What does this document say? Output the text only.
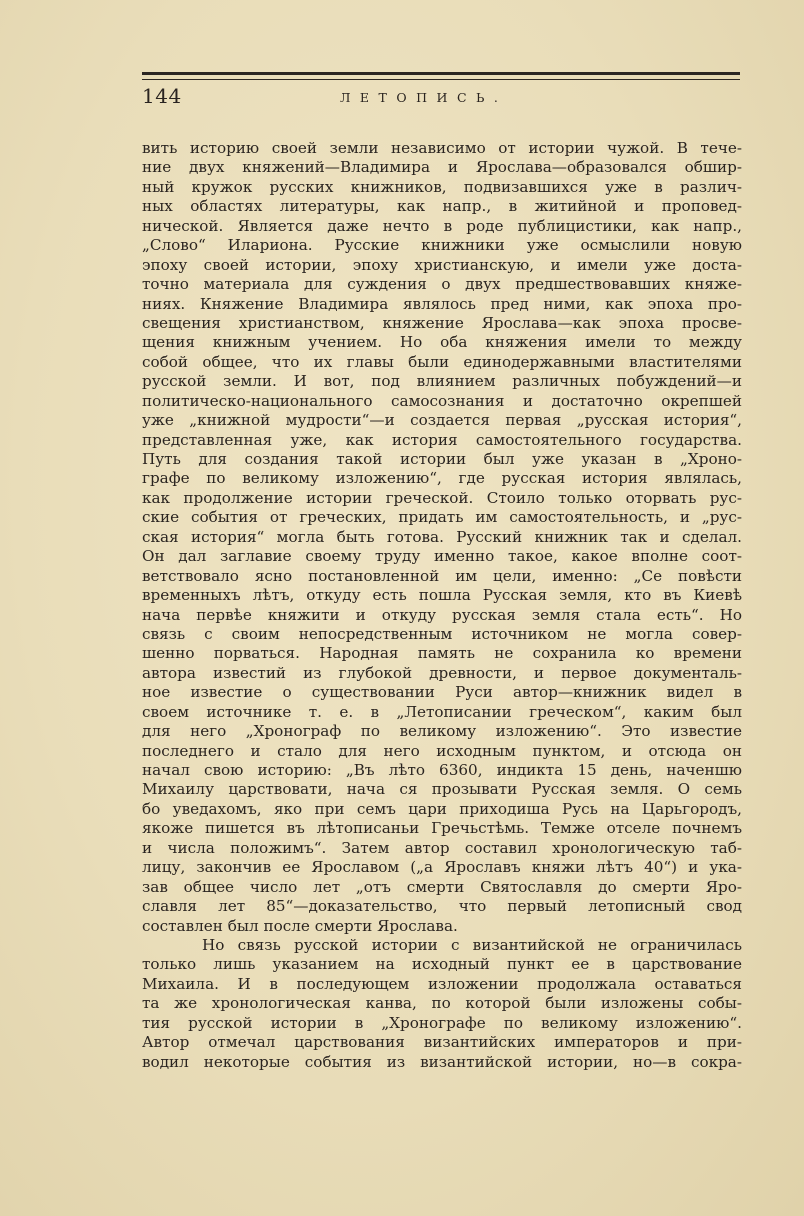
144	ЛЕТОПИСЬ.
вить историю своей земли независимо от истории чужой. В тече-
ние двух княжений—Владимира и Ярослава—образовался обшир-
ный кружок русских книжников, подвизавшихся уже в различ-
ных областях литературы, как напр., в житийной и проповед-
нической. Является даже нечто в роде публицистики, как напр.,
„Слово“ Илариона. Русские книжники уже осмыслили новую
эпоху своей истории, эпоху христианскую, и имели уже доста-
точно материала для суждения о двух предшествовавших княже-
ниях. Княжение Владимира являлось пред ними, как эпоха про-
свещения христианством, княжение Ярослава—как эпоха просве-
щения книжным учением. Но оба княжения имели то между
собой общее, что их главы были единодержавными властителями
русской земли. И вот, под влиянием различных побуждений—и
политическо-национального самосознания и достаточно окрепшей
уже „книжной мудрости“—и создается первая „русская история“,
представленная уже, как история самостоятельного государства.
Путь для создания такой истории был уже указан в „Хроно-
графе по великому изложению“, где русская история являлась,
как продолжение истории греческой. Стоило только оторвать рус-
ские события от греческих, придать им самостоятельность, и „рус-
ская история“ могла быть готова. Русский книжник так и сделал.
Он дал заглавие своему труду именно такое, какое вполне соот-
ветствовало ясно постановленной им цели, именно: „Се повѣсти
временныхъ лѣтъ, откуду есть пошла Русская земля, кто въ Киевѣ
нача первѣе княжити и откуду русская земля стала есть“. Но
связь с своим непосредственным источником не могла совер-
шенно порваться. Народная память не сохранила ко времени
автора известий из глубокой древности, и первое документаль-
ное известие о существовании Руси автор—книжник видел в
своем источнике т. е. в „Летописании греческом“, каким был
для него „Хронограф по великому изложению“. Это известие
последнего и стало для него исходным пунктом, и отсюда он
начал свою историю: „Въ лѣто 6360, индикта 15 день, наченшю
Михаилу царствовати, нача ся прозывати Русская земля. О семь
бо уведахомъ, яко при семъ цари приходиша Русь на Царьгородъ,
якоже пишется въ лѣтописаньи Гречьстѣмь. Темже отселе почнемъ
и числа положимъ“. Затем автор составил хронологическую таб-
лицу, закончив ее Ярославом („а Ярославъ княжи лѣтъ 40“) и ука-
зав общее число лет „отъ смерти Святославля до смерти Яро-
славля лет 85“—доказательство, что первый летописный свод
составлен был после смерти Ярослава.
Но связь русской истории с византийской не ограничилась
только лишь указанием на исходный пункт ее в царствование
Михаила. И в последующем изложении продолжала оставаться
та же хронологическая канва, по которой были изложены собы-
тия русской истории в „Хронографе по великому изложению“.
Автор отмечал царствования византийских императоров и при-
водил некоторые события из византийской истории, но—в сокра-
